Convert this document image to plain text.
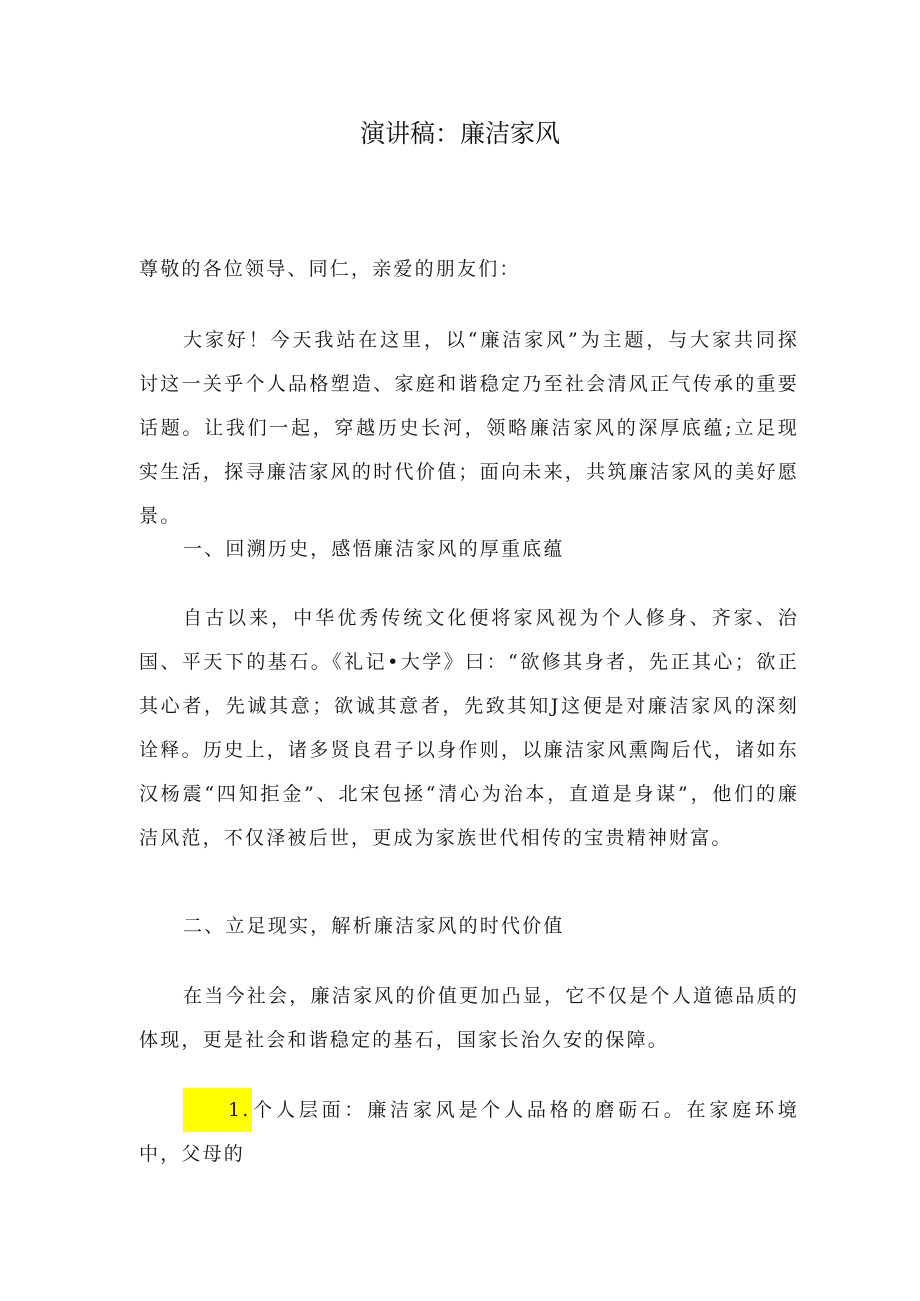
演讲稿：廉洁家风
尊敬的各位领导、同仁，亲爱的朋友们：

大家好！今天我站在这里，以“廉洁家风”为主题，与大家共同探讨这一关乎个人品格塑造、家庭和谐稳定乃至社会清风正气传承的重要话题。让我们一起，穿越历史长河，领略廉洁家风的深厚底蕴;立足现实生活，探寻廉洁家风的时代价值；面向未来，共筑廉洁家风的美好愿景。

一、回溯历史，感悟廉洁家风的厚重底蕴

自古以来，中华优秀传统文化便将家风视为个人修身、齐家、治国、平天下的基石。《礼记•大学》曰：“欲修其身者，先正其心；欲正其心者，先诚其意；欲诚其意者，先致其知J这便是对廉洁家风的深刻诠释。历史上，诸多贤良君子以身作则，以廉洁家风熏陶后代，诸如东汉杨震“四知拒金”、北宋包拯“清心为治本，直道是身谋”，他们的廉洁风范，不仅泽被后世，更成为家族世代相传的宝贵精神财富。

二、立足现实，解析廉洁家风的时代价值

在当今社会，廉洁家风的价值更加凸显，它不仅是个人道德品质的体现，更是社会和谐稳定的基石，国家长治久安的保障。

1.个人层面：廉洁家风是个人品格的磨砺石。在家庭环境中，父母的
